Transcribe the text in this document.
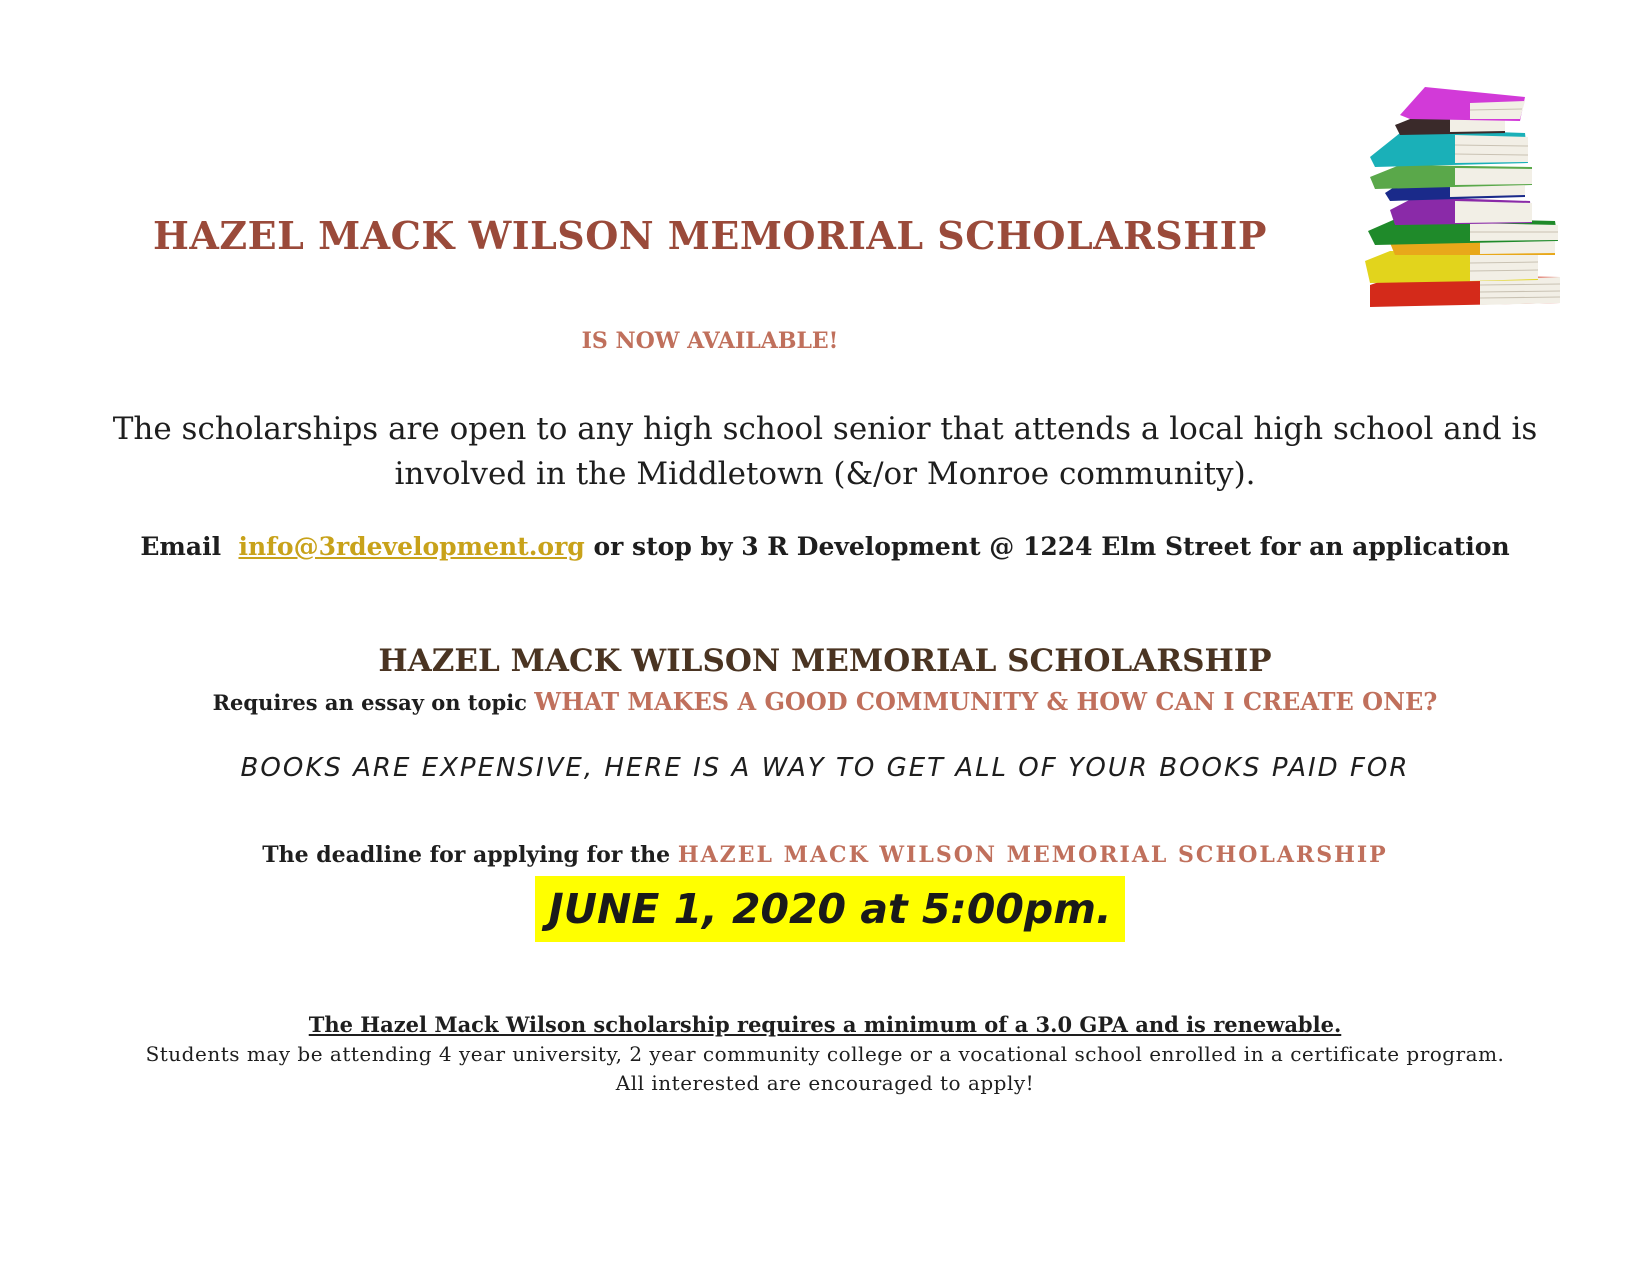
HAZEL MACK WILSON MEMORIAL SCHOLARSHIP
IS NOW AVAILABLE!
The scholarships are open to any high school senior that attends a local high school and is
involved in the Middletown (&/or Monroe community).
Email info@3rdevelopment.org or stop by 3 R Development @ 1224 Elm Street for an application
HAZEL MACK WILSON MEMORIAL SCHOLARSHIP
Requires an essay on topic WHAT MAKES A GOOD COMMUNITY & HOW CAN I CREATE ONE?
BOOKS ARE EXPENSIVE, HERE IS A WAY TO GET ALL OF YOUR BOOKS PAID FOR
The deadline for applying for the HAZEL MACK WILSON MEMORIAL SCHOLARSHIP
JUNE 1, 2020 at 5:00pm.
The Hazel Mack Wilson scholarship requires a minimum of a 3.0 GPA and is renewable.
Students may be attending 4 year university, 2 year community college or a vocational school enrolled in a certificate program.
All interested are encouraged to apply!
